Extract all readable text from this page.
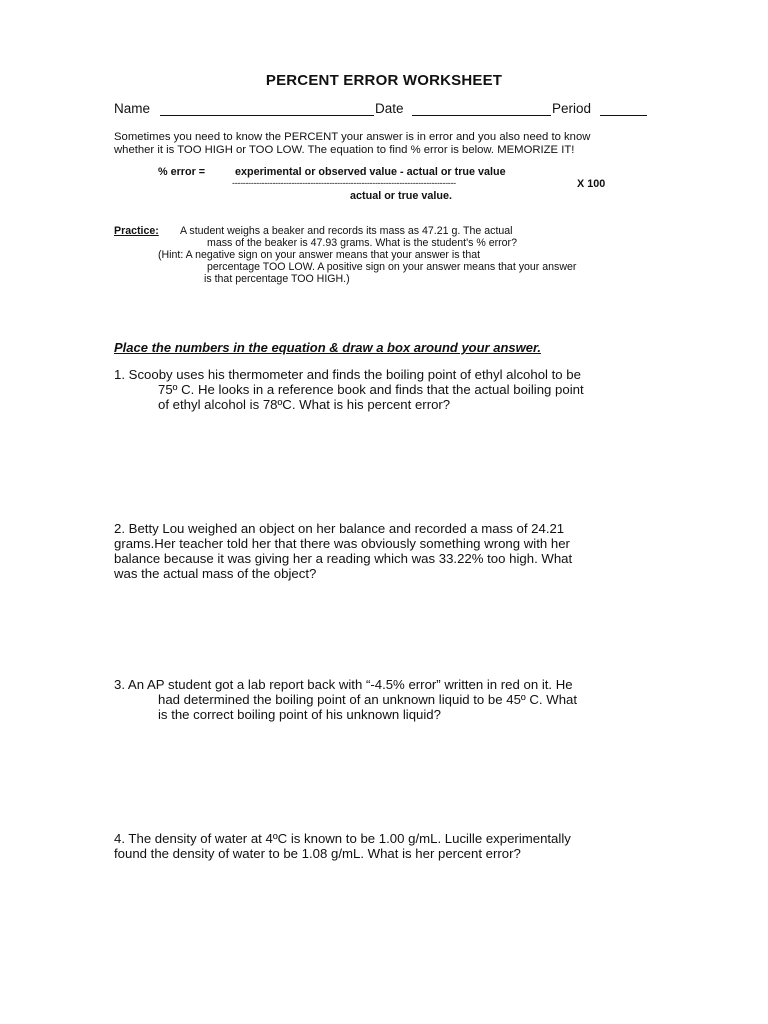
PERCENT ERROR WORKSHEET
Name	Date	Period
Sometimes you need to know the PERCENT your answer is in error and you also need to know
whether it is TOO HIGH or TOO LOW. The equation to find % error is below. MEMORIZE IT!
% error =	experimental or observed value - actual or true value
-----------------------------------------------------------------------------------	X 100
actual or true value.
Practice: A student weighs a beaker and records its mass as 47.21 g. The actual
mass of the beaker is 47.93 grams. What is the student's % error?
(Hint: A negative sign on your answer means that your answer is that
percentage TOO LOW. A positive sign on your answer means that your answer
is that percentage TOO HIGH.)
Place the numbers in the equation & draw a box around your answer.
1. Scooby uses his thermometer and finds the boiling point of ethyl alcohol to be
75º C. He looks in a reference book and finds that the actual boiling point
of ethyl alcohol is 78ºC. What is his percent error?
2. Betty Lou weighed an object on her balance and recorded a mass of 24.21
grams.Her teacher told her that there was obviously something wrong with her
balance because it was giving her a reading which was 33.22% too high. What
was the actual mass of the object?
3. An AP student got a lab report back with “-4.5% error” written in red on it. He
had determined the boiling point of an unknown liquid to be 45º C. What
is the correct boiling point of his unknown liquid?
4. The density of water at 4ºC is known to be 1.00 g/mL. Lucille experimentally
found the density of water to be 1.08 g/mL. What is her percent error?
